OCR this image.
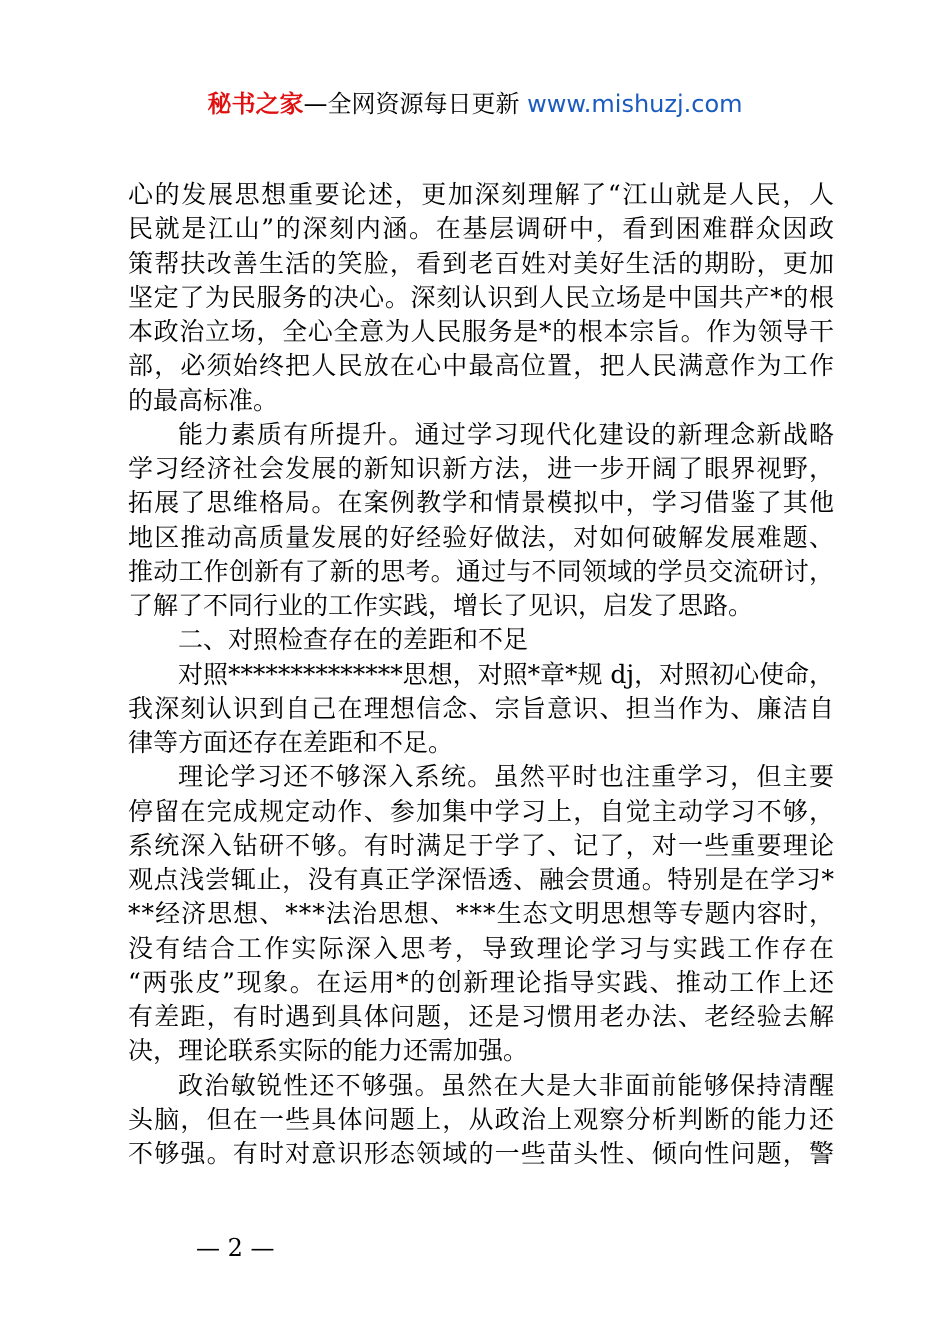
秘书之家—全网资源每日更新 www.mishuzj.com
心的发展思想重要论述，更加深刻理解了“江山就是人民，人
民就是江山”的深刻内涵。在基层调研中，看到困难群众因政
策帮扶改善生活的笑脸，看到老百姓对美好生活的期盼，更加
坚定了为民服务的决心。深刻认识到人民立场是中国共产*的根
本政治立场，全心全意为人民服务是*的根本宗旨。作为领导干
部，必须始终把人民放在心中最高位置，把人民满意作为工作
的最高标准。
能力素质有所提升。通过学习现代化建设的新理念新战略
学习经济社会发展的新知识新方法，进一步开阔了眼界视野，
拓展了思维格局。在案例教学和情景模拟中，学习借鉴了其他
地区推动高质量发展的好经验好做法，对如何破解发展难题、
推动工作创新有了新的思考。通过与不同领域的学员交流研讨，
了解了不同行业的工作实践，增长了见识，启发了思路。
二、对照检查存在的差距和不足
对照**************思想，对照*章*规 dj，对照初心使命，
我深刻认识到自己在理想信念、宗旨意识、担当作为、廉洁自
律等方面还存在差距和不足。
理论学习还不够深入系统。虽然平时也注重学习，但主要
停留在完成规定动作、参加集中学习上，自觉主动学习不够，
系统深入钻研不够。有时满足于学了、记了，对一些重要理论
观点浅尝辄止，没有真正学深悟透、融会贯通。特别是在学习*
**经济思想、***法治思想、***生态文明思想等专题内容时，
没有结合工作实际深入思考，导致理论学习与实践工作存在
“两张皮”现象。在运用*的创新理论指导实践、推动工作上还
有差距，有时遇到具体问题，还是习惯用老办法、老经验去解
决，理论联系实际的能力还需加强。
政治敏锐性还不够强。虽然在大是大非面前能够保持清醒
头脑，但在一些具体问题上，从政治上观察分析判断的能力还
不够强。有时对意识形态领域的一些苗头性、倾向性问题，警
— 2 —
